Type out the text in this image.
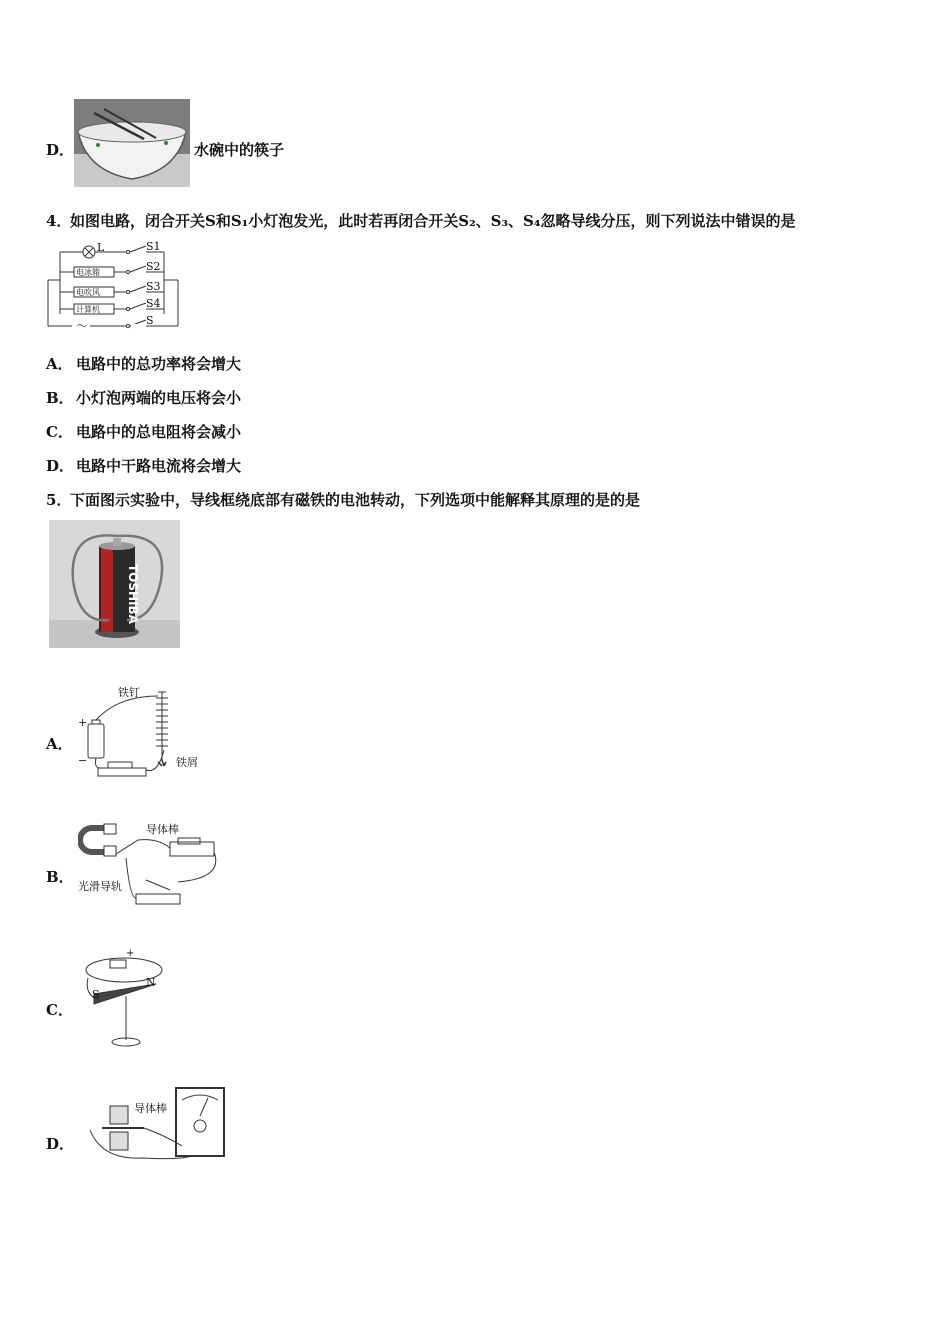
D．	水碗中的筷子
4．
如图电路，闭合开关S和S₁小灯泡发光，此时若再闭合开关S₂、S₃、S₄忽略导线分压，则下列说法中错误的是
L	S1
S2
S3
S4
S
电冰箱
电吹风
计算机
～
A． 电路中的总功率将会增大
B． 小灯泡两端的电压将会小
C． 电路中的总电阻将会减小
D． 电路中干路电流将会增大
5．
下面图示实验中，导线框绕底部有磁铁的电池转动，下列选项中能解释其原理的是的是
TOSHIBA
A．
铁钉
铁屑
+
−
B．
导体棒
光滑导轨
C．
S
N
+
D．
导体棒
